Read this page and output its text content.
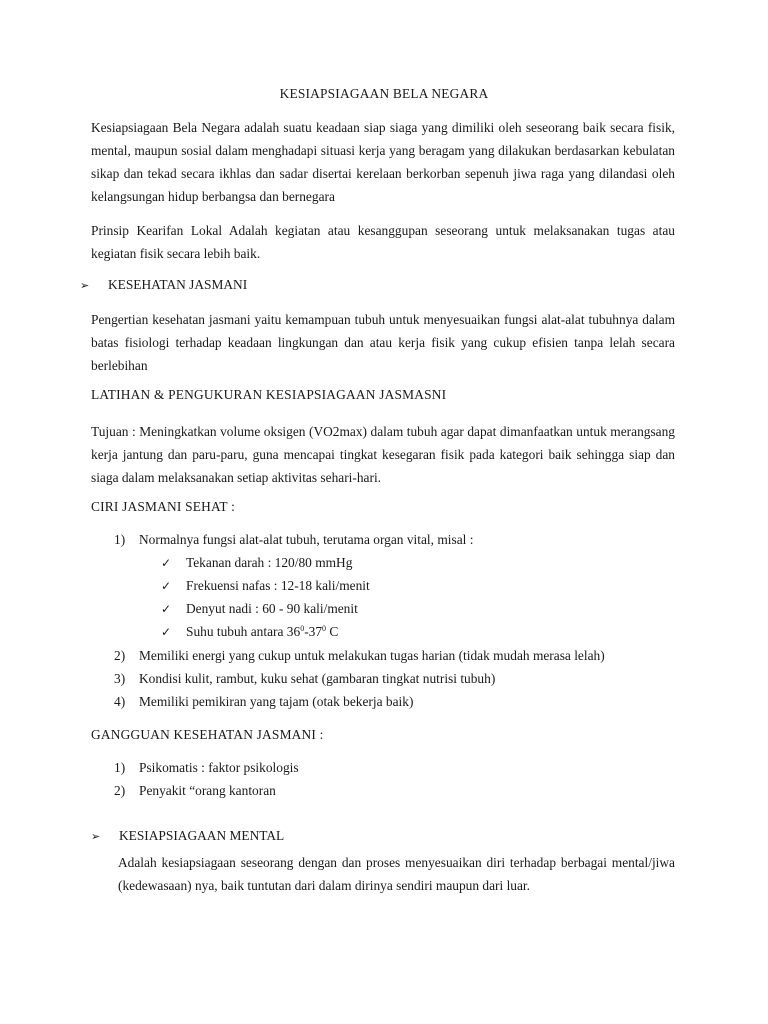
KESIAPSIAGAAN BELA NEGARA
Kesiapsiagaan Bela Negara adalah suatu keadaan siap siaga yang dimiliki oleh seseorang baik secara fisik, mental, maupun sosial dalam menghadapi situasi kerja yang beragam yang dilakukan berdasarkan kebulatan sikap dan tekad secara ikhlas dan sadar disertai kerelaan berkorban sepenuh jiwa raga yang dilandasi oleh kelangsungan hidup berbangsa dan bernegara
Prinsip Kearifan Lokal Adalah kegiatan atau kesanggupan seseorang untuk melaksanakan tugas atau kegiatan fisik secara lebih baik.
➢ KESEHATAN JASMANI
Pengertian kesehatan jasmani yaitu kemampuan tubuh untuk menyesuaikan fungsi alat-alat tubuhnya dalam batas fisiologi terhadap keadaan lingkungan dan atau kerja fisik yang cukup efisien tanpa lelah secara berlebihan
LATIHAN & PENGUKURAN KESIAPSIAGAAN JASMASNI
Tujuan : Meningkatkan volume oksigen (VO2max) dalam tubuh agar dapat dimanfaatkan untuk merangsang kerja jantung dan paru-paru, guna mencapai tingkat kesegaran fisik pada kategori baik sehingga siap dan siaga dalam melaksanakan setiap aktivitas sehari-hari.
CIRI JASMANI SEHAT :
1) Normalnya fungsi alat-alat tubuh, terutama organ vital, misal :
✓ Tekanan darah : 120/80 mmHg
✓ Frekuensi nafas : 12-18 kali/menit
✓ Denyut nadi : 60 - 90 kali/menit
✓ Suhu tubuh antara $36^0-37^0$ C
2) Memiliki energi yang cukup untuk melakukan tugas harian (tidak mudah merasa lelah)
3) Kondisi kulit, rambut, kuku sehat (gambaran tingkat nutrisi tubuh)
4) Memiliki pemikiran yang tajam (otak bekerja baik)
GANGGUAN KESEHATAN JASMANI :
1) Psikomatis : faktor psikologis
2) Penyakit “orang kantoran
➢ KESIAPSIAGAAN MENTAL
Adalah kesiapsiagaan seseorang dengan dan proses menyesuaikan diri terhadap berbagai mental/jiwa (kedewasaan) nya, baik tuntutan dari dalam dirinya sendiri maupun dari luar.
